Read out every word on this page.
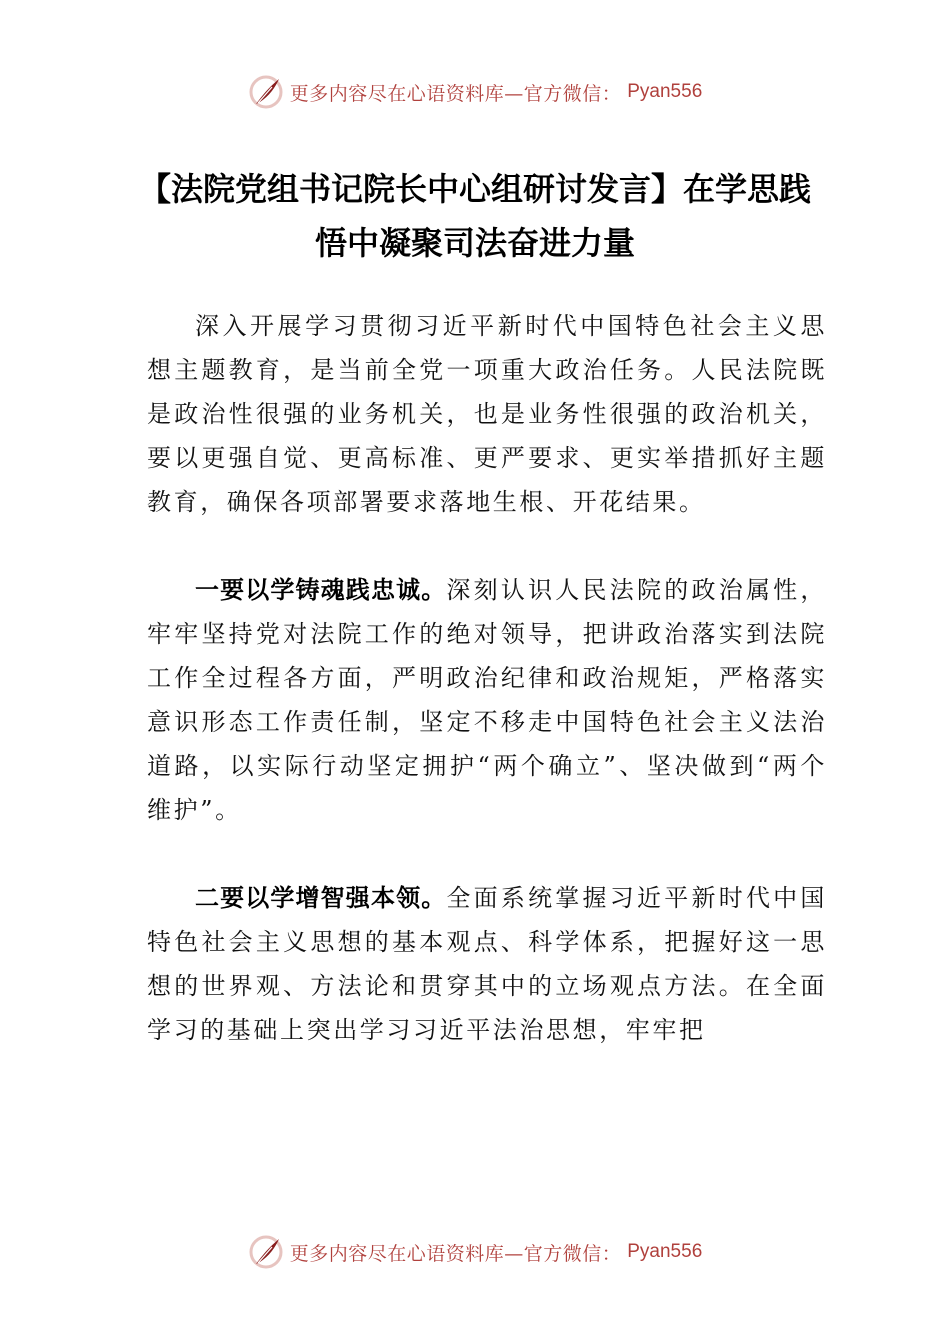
更多内容尽在心语资料库—官方微信： Pyan556
【法院党组书记院长中心组研讨发言】在学思践悟中凝聚司法奋进力量

深入开展学习贯彻习近平新时代中国特色社会主义思想主题教育，是当前全党一项重大政治任务。人民法院既是政治性很强的业务机关，也是业务性很强的政治机关，要以更强自觉、更高标准、更严要求、更实举措抓好主题教育，确保各项部署要求落地生根、开花结果。

一要以学铸魂践忠诚。深刻认识人民法院的政治属性，牢牢坚持党对法院工作的绝对领导，把讲政治落实到法院工作全过程各方面，严明政治纪律和政治规矩，严格落实意识形态工作责任制，坚定不移走中国特色社会主义法治道路，以实际行动坚定拥护“两个确立”、坚决做到“两个维护”。

二要以学增智强本领。全面系统掌握习近平新时代中国特色社会主义思想的基本观点、科学体系，把握好这一思想的世界观、方法论和贯穿其中的立场观点方法。在全面学习的基础上突出学习习近平法治思想，牢牢把

更多内容尽在心语资料库—官方微信： Pyan556
